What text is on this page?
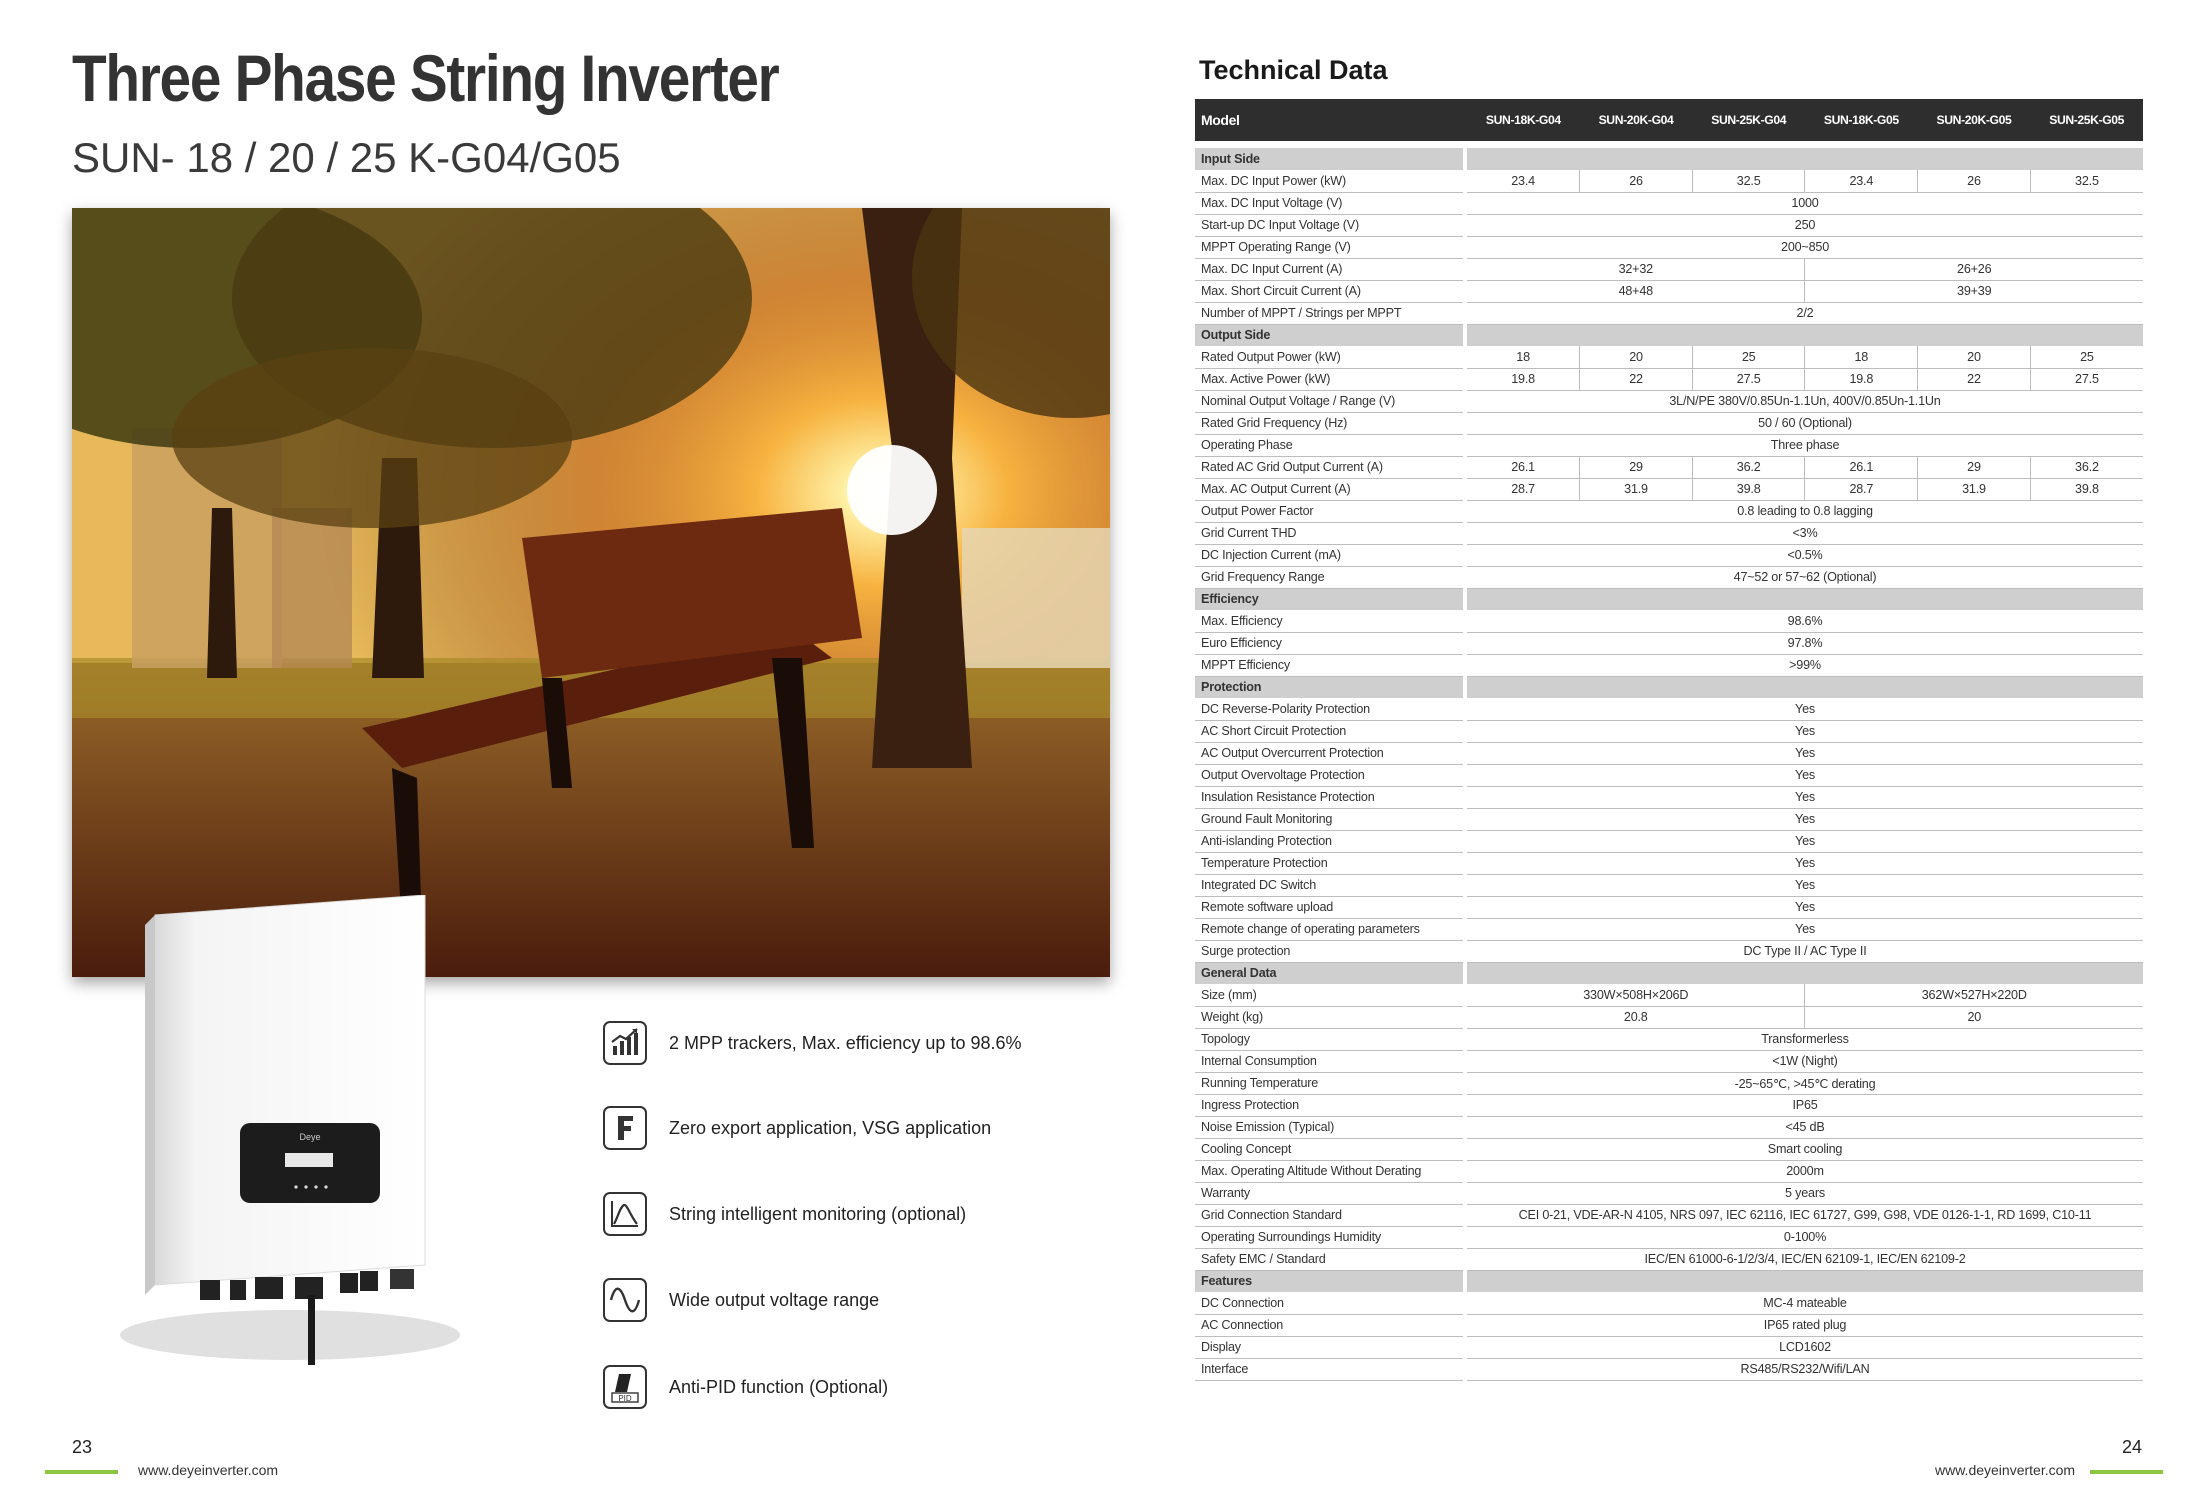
Three Phase String Inverter
SUN- 18 / 20 / 25 K-G04/G05
Deye
2 MPP trackers, Max. efficiency up to 98.6%
Zero export application, VSG application
String intelligent monitoring (optional)
Wide output voltage range
PID
Anti-PID function (Optional)
23
www.deyeinverter.com
Technical Data
Model		SUN-18K-G04	SUN-20K-G04	SUN-25K-G04	SUN-18K-G05	SUN-20K-G05	SUN-25K-G05

Input Side							
Max. DC Input Power (kW)		23.4	26	32.5	23.4	26	32.5
Max. DC Input Voltage (V)		1000					
Start-up DC Input Voltage (V)		250					
MPPT Operating Range (V)		200~850					
Max. DC Input Current (A)		32+32			26+26		
Max. Short Circuit Current (A)		48+48			39+39		
Number of MPPT / Strings per MPPT		2/2					
Output Side							
Rated Output Power (kW)		18	20	25	18	20	25
Max. Active Power (kW)		19.8	22	27.5	19.8	22	27.5
Nominal Output Voltage / Range (V)		3L/N/PE 380V/0.85Un-1.1Un, 400V/0.85Un-1.1Un					
Rated Grid Frequency (Hz)		50 / 60 (Optional)					
Operating Phase		Three phase					
Rated AC Grid Output Current (A)		26.1	29	36.2	26.1	29	36.2
Max. AC Output Current (A)		28.7	31.9	39.8	28.7	31.9	39.8
Output Power Factor		0.8 leading to 0.8 lagging					
Grid Current THD		<3%					
DC Injection Current (mA)		<0.5%					
Grid Frequency Range		47~52 or 57~62 (Optional)					
Efficiency							
Max. Efficiency		98.6%					
Euro Efficiency		97.8%					
MPPT Efficiency		>99%					
Protection							
DC Reverse-Polarity Protection		Yes					
AC Short Circuit Protection		Yes					
AC Output Overcurrent Protection		Yes					
Output Overvoltage Protection		Yes					
Insulation Resistance Protection		Yes					
Ground Fault Monitoring		Yes					
Anti-islanding Protection		Yes					
Temperature Protection		Yes					
Integrated DC Switch		Yes					
Remote software upload		Yes					
Remote change of operating parameters		Yes					
Surge protection		DC Type II / AC Type II					
General Data							
Size (mm)		330W×508H×206D			362W×527H×220D		
Weight (kg)		20.8			20		
Topology		Transformerless					
Internal Consumption		<1W (Night)					
Running Temperature		-25~65℃, >45℃ derating					
Ingress Protection		IP65					
Noise Emission (Typical)		<45 dB					
Cooling Concept		Smart cooling					
Max. Operating Altitude Without Derating		2000m					
Warranty		5 years					
Grid Connection Standard		CEI 0-21, VDE-AR-N 4105, NRS 097, IEC 62116, IEC 61727, G99, G98, VDE 0126-1-1, RD 1699, C10-11					
Operating Surroundings Humidity		0-100%					
Safety EMC / Standard		IEC/EN 61000-6-1/2/3/4, IEC/EN 62109-1, IEC/EN 62109-2					
Features							
DC Connection		MC-4 mateable					
AC Connection		IP65 rated plug					
Display		LCD1602					
Interface		RS485/RS232/Wifi/LAN					
24
www.deyeinverter.com
